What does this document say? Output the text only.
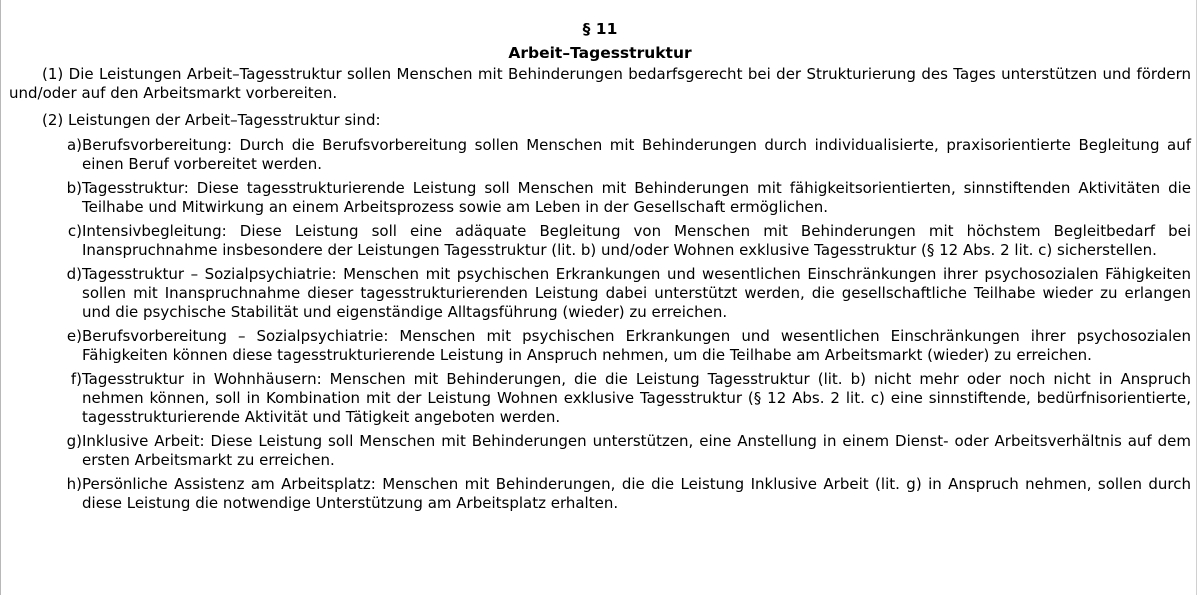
§ 11
Arbeit–Tagesstruktur

(1) Die Leistungen Arbeit–Tagesstruktur sollen Menschen mit Behinderungen bedarfsgerecht bei der Strukturierung des Tages unterstützen und fördern und/oder auf den Arbeitsmarkt vorbereiten.

(2) Leistungen der Arbeit–Tagesstruktur sind:

a) Berufsvorbereitung: Durch die Berufsvorbereitung sollen Menschen mit Behinderungen durch individualisierte, praxisorientierte Begleitung auf einen Beruf vorbereitet werden.
b) Tagesstruktur: Diese tagesstrukturierende Leistung soll Menschen mit Behinderungen mit fähigkeitsorientierten, sinnstiftenden Aktivitäten die Teilhabe und Mitwirkung an einem Arbeitsprozess sowie am Leben in der Gesellschaft ermöglichen.
c) Intensivbegleitung: Diese Leistung soll eine adäquate Begleitung von Menschen mit Behinderungen mit höchstem Begleitbedarf bei Inanspruchnahme insbesondere der Leistungen Tagesstruktur (lit. b) und/oder Wohnen exklusive Tagesstruktur (§ 12 Abs. 2 lit. c) sicherstellen.
d) Tagesstruktur – Sozialpsychiatrie: Menschen mit psychischen Erkrankungen und wesentlichen Einschränkungen ihrer psychosozialen Fähigkeiten sollen mit Inanspruchnahme dieser tagesstrukturierenden Leistung dabei unterstützt werden, die gesellschaftliche Teilhabe wieder zu erlangen und die psychische Stabilität und eigenständige Alltagsführung (wieder) zu erreichen.
e) Berufsvorbereitung – Sozialpsychiatrie: Menschen mit psychischen Erkrankungen und wesentlichen Einschränkungen ihrer psychosozialen Fähigkeiten können diese tagesstrukturierende Leistung in Anspruch nehmen, um die Teilhabe am Arbeitsmarkt (wieder) zu erreichen.
f) Tagesstruktur in Wohnhäusern: Menschen mit Behinderungen, die die Leistung Tagesstruktur (lit. b) nicht mehr oder noch nicht in Anspruch nehmen können, soll in Kombination mit der Leistung Wohnen exklusive Tagesstruktur (§ 12 Abs. 2 lit. c) eine sinnstiftende, bedürfnisorientierte, tagesstrukturierende Aktivität und Tätigkeit angeboten werden.
g) Inklusive Arbeit: Diese Leistung soll Menschen mit Behinderungen unterstützen, eine Anstellung in einem Dienst- oder Arbeitsverhältnis auf dem ersten Arbeitsmarkt zu erreichen.
h) Persönliche Assistenz am Arbeitsplatz: Menschen mit Behinderungen, die die Leistung Inklusive Arbeit (lit. g) in Anspruch nehmen, sollen durch diese Leistung die notwendige Unterstützung am Arbeitsplatz erhalten.
